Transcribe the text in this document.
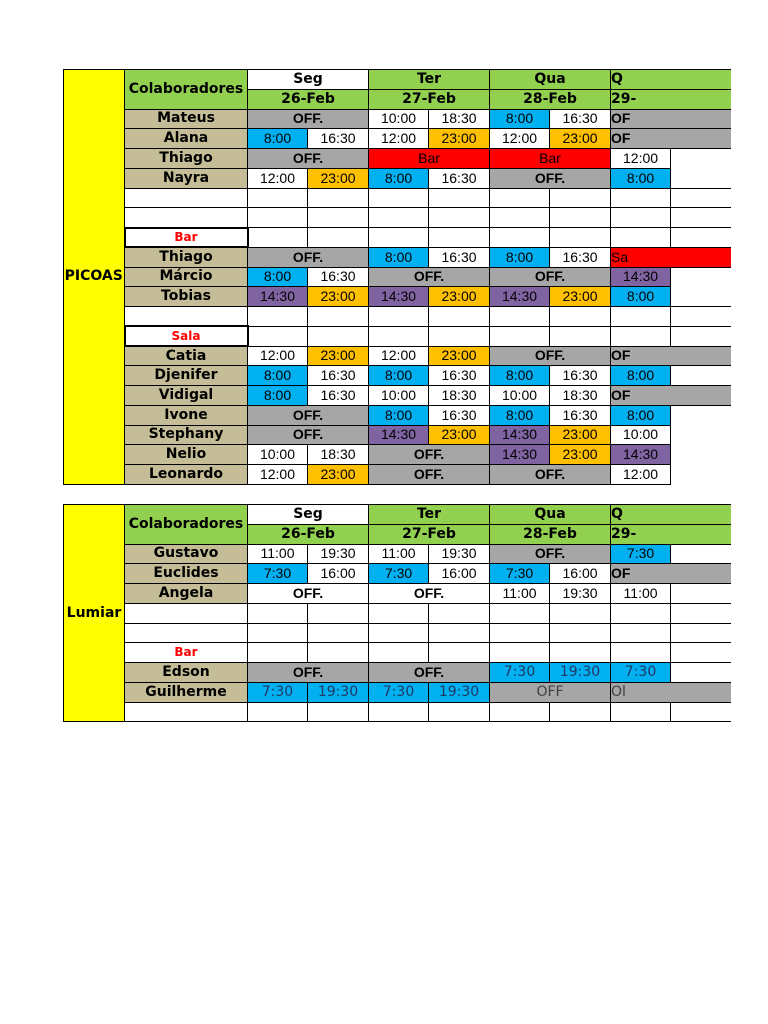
PICOAS	Colaboradores	Seg		Ter		Qua		Q	
		26-Feb		27-Feb		28-Feb		29-	
	Mateus	OFF.		10:00	18:30	8:00	16:30	OF	
	Alana	8:00	16:30	12:00	23:00	12:00	23:00	OF	
	Thiago	OFF.		Bar		Bar		12:00	
	Nayra	12:00	23:00	8:00	16:30	OFF.		8:00	

	Bar								
	Thiago	OFF.		8:00	16:30	8:00	16:30	Sa	
	Márcio	8:00	16:30	OFF.		OFF.		14:30	
	Tobias	14:30	23:00	14:30	23:00	14:30	23:00	8:00	

	Sala								
	Catia	12:00	23:00	12:00	23:00	OFF.		OF	
	Djenifer	8:00	16:30	8:00	16:30	8:00	16:30	8:00	
	Vidigal	8:00	16:30	10:00	18:30	10:00	18:30	OF	
	Ivone	OFF.		8:00	16:30	8:00	16:30	8:00	
	Stephany	OFF.		14:30	23:00	14:30	23:00	10:00	
	Nelio	10:00	18:30	OFF.		14:30	23:00	14:30	
	Leonardo	12:00	23:00	OFF.		OFF.		12:00	
Lumiar	Colaboradores	Seg		Ter		Qua		Q	
		26-Feb		27-Feb		28-Feb		29-	
	Gustavo	11:00	19:30	11:00	19:30	OFF.		7:30	
	Euclides	7:30	16:00	7:30	16:00	7:30	16:00	OF	
	Angela	OFF.		OFF.		11:00	19:30	11:00	

	Bar								
	Edson	OFF.		OFF.		7:30	19:30	7:30	
	Guilherme	7:30	19:30	7:30	19:30	OFF		Ol	
